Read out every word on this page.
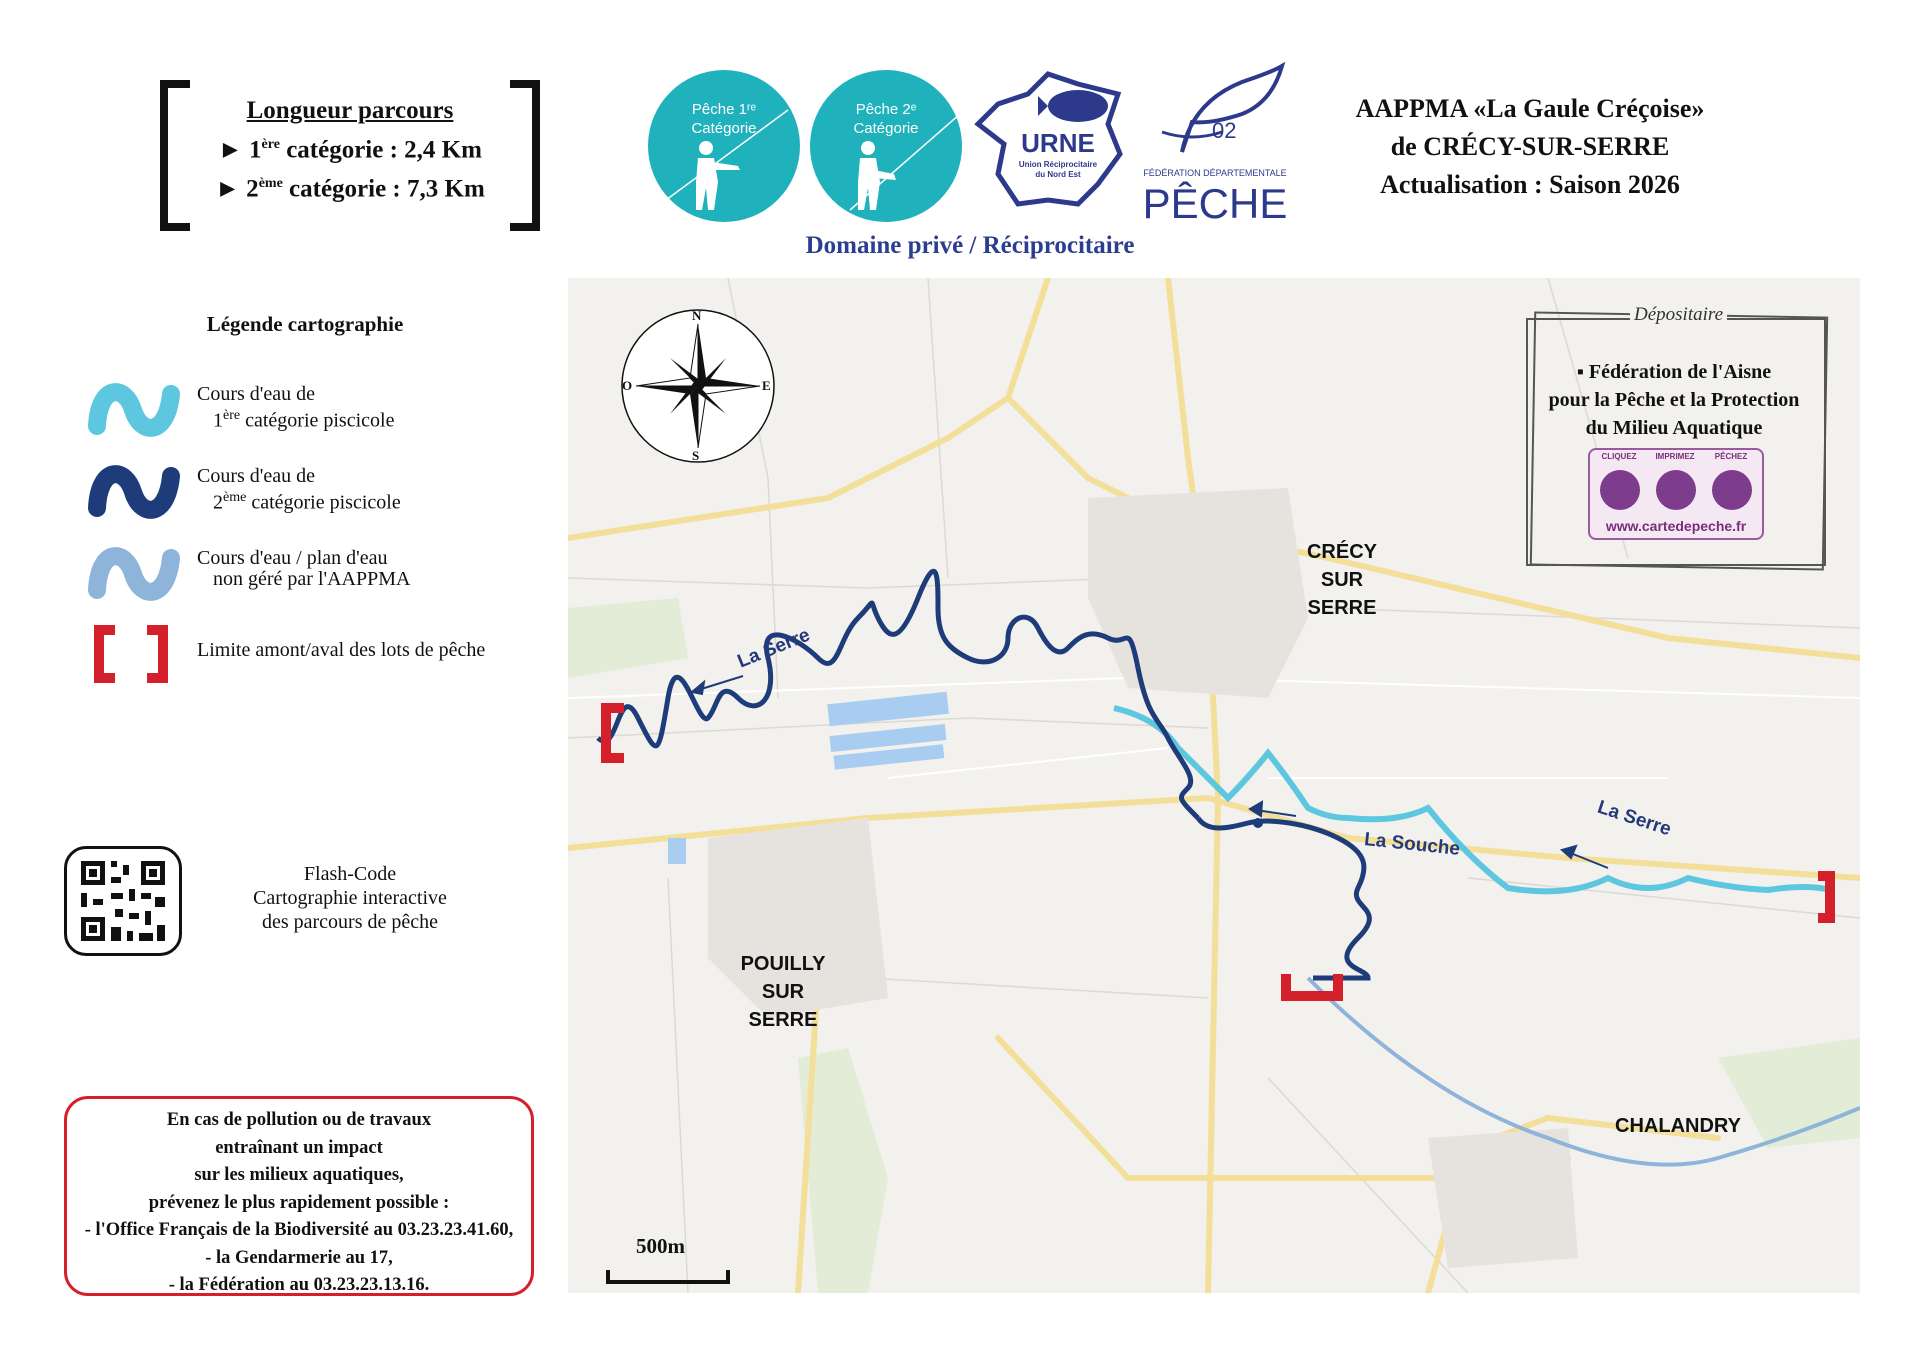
Longueur parcours
► 1ère catégorie : 2,4 Km
► 2ème catégorie : 7,3 Km
Pêche 1ʳᵉ
Catégorie
Pêche 2ᵉ
Catégorie	URNE
Union Réciprocitaire
du Nord Est
02
FÉDÉRATION DÉPARTEMENTALE
PÊCHE
Domaine privé / Réciprocitaire
AAPPMA «La Gaule Créçoise»
de CRÉCY-SUR-SERRE
Actualisation : Saison 2026
Légende cartographie
Cours d'eau de
1ère catégorie piscicole
Cours d'eau de
2ème catégorie piscicole
Cours d'eau / plan d'eau
non géré par l'AAPPMA
Limite amont/aval des lots de pêche
Flash-Code
Cartographie interactive
des parcours de pêche
En cas de pollution ou de travaux
entraînant un impact
sur les milieux aquatiques,
prévenez le plus rapidement possible :
- l'Office Français de la Biodiversité au 03.23.23.41.60,
- la Gendarmerie au 17,
- la Fédération au 03.23.23.13.16.
N
S
E
O
Dépositaire
▪ Fédération de l'Aisne
pour la Pêche et la Protection
du Milieu Aquatique
CLIQUEZ	IMPRIMEZ	PÊCHEZ
www.cartedepeche.fr
CRÉCY
SUR
SERRE
POUILLY
SUR
SERRE
CHALANDRY
La Serre
La Serre
La Souche
500m
